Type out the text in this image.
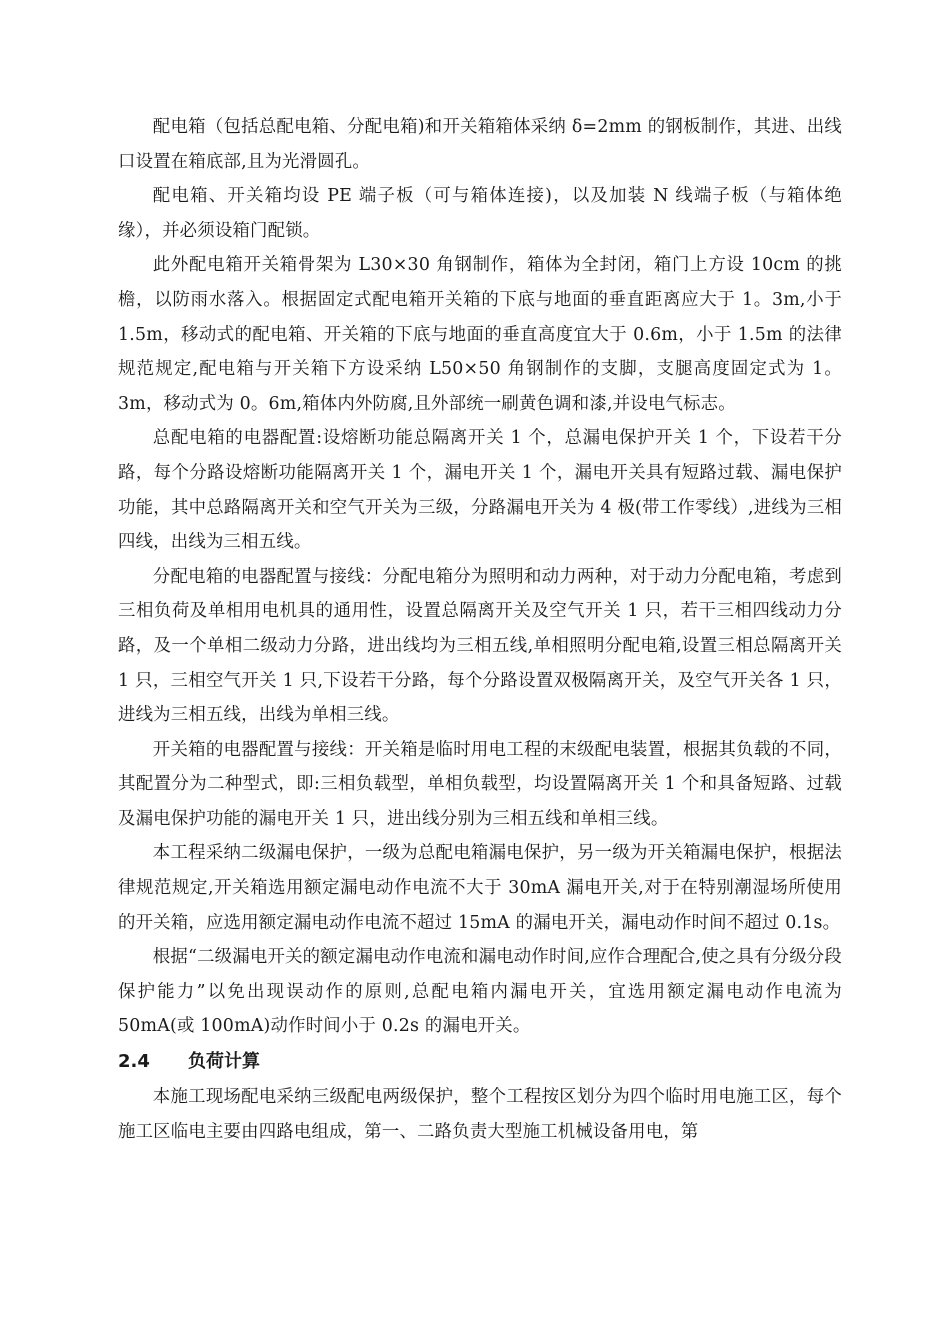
配电箱（包括总配电箱、分配电箱)和开关箱箱体采纳 δ=2mm 的钢板制作，其进、出线口设置在箱底部,且为光滑圆孔。

配电箱、开关箱均设 PE 端子板（可与箱体连接)，以及加装 N 线端子板（与箱体绝缘），并必须设箱门配锁。

此外配电箱开关箱骨架为 L30×30 角钢制作，箱体为全封闭，箱门上方设 10cm 的挑檐，以防雨水落入。根据固定式配电箱开关箱的下底与地面的垂直距离应大于 1。3m,小于 1.5m，移动式的配电箱、开关箱的下底与地面的垂直高度宜大于 0.6m，小于 1.5m 的法律规范规定,配电箱与开关箱下方设采纳 L50×50 角钢制作的支脚，支腿高度固定式为 1。3m，移动式为 0。6m,箱体内外防腐,且外部统一刷黄色调和漆,并设电气标志。

总配电箱的电器配置:设熔断功能总隔离开关 1 个，总漏电保护开关 1 个，下设若干分路，每个分路设熔断功能隔离开关 1 个，漏电开关 1 个，漏电开关具有短路过载、漏电保护功能，其中总路隔离开关和空气开关为三级，分路漏电开关为 4 极(带工作零线）,进线为三相四线，出线为三相五线。

分配电箱的电器配置与接线：分配电箱分为照明和动力两种，对于动力分配电箱，考虑到三相负荷及单相用电机具的通用性，设置总隔离开关及空气开关 1 只，若干三相四线动力分路，及一个单相二级动力分路，进出线均为三相五线,单相照明分配电箱,设置三相总隔离开关 1 只，三相空气开关 1 只,下设若干分路，每个分路设置双极隔离开关，及空气开关各 1 只，进线为三相五线，出线为单相三线。

开关箱的电器配置与接线：开关箱是临时用电工程的末级配电装置，根据其负载的不同，其配置分为二种型式，即:三相负载型，单相负载型，均设置隔离开关 1 个和具备短路、过载及漏电保护功能的漏电开关 1 只，进出线分别为三相五线和单相三线。

本工程采纳二级漏电保护，一级为总配电箱漏电保护，另一级为开关箱漏电保护，根据法律规范规定,开关箱选用额定漏电动作电流不大于 30mA 漏电开关,对于在特别潮湿场所使用的开关箱，应选用额定漏电动作电流不超过 15mA 的漏电开关，漏电动作时间不超过 0.1s。

根据“二级漏电开关的额定漏电动作电流和漏电动作时间,应作合理配合,使之具有分级分段保护能力”以免出现误动作的原则,总配电箱内漏电开关，宜选用额定漏电动作电流为 50mA(或 100mA)动作时间小于 0.2s 的漏电开关。

2.4	负荷计算

本施工现场配电采纳三级配电两级保护，整个工程按区划分为四个临时用电施工区，每个施工区临电主要由四路电组成，第一、二路负责大型施工机械设备用电，第
